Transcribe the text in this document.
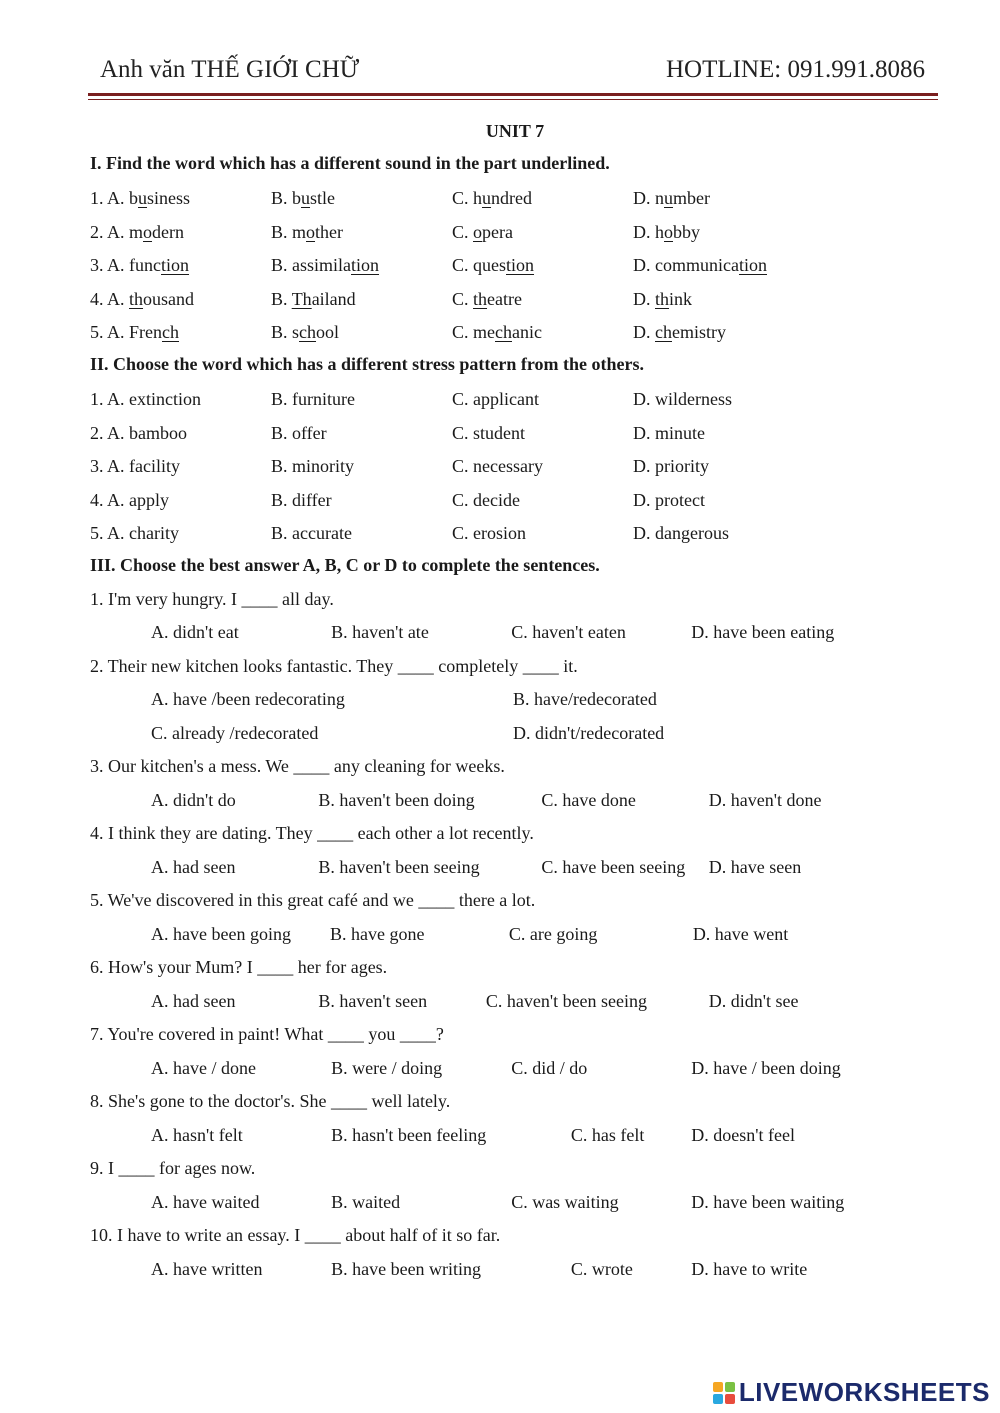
Anh văn THẾ GIỚI CHỮ	HOTLINE: 091.991.8086
UNIT 7
I. Find the word which has a different sound in the part underlined.
1. A. business	B. bustle	C. hundred	D. number
2. A. modern	B. mother	C. opera	D. hobby
3. A. function	B. assimilation	C. question	D. communication
4. A. thousand	B. Thailand	C. theatre	D. think
5. A. French	B. school	C. mechanic	D. chemistry
II. Choose the word which has a different stress pattern from the others.
1. A. extinction	B. furniture	C. applicant	D. wilderness
2. A. bamboo	B. offer	C. student	D. minute
3. A. facility	B. minority	C. necessary	D. priority
4. A. apply	B. differ	C. decide	D. protect
5. A. charity	B. accurate	C. erosion	D. dangerous
III. Choose the best answer A, B, C or D to complete the sentences.
1. I'm very hungry. I ____ all day.
A. didn't eat	B. haven't ate	C. haven't eaten	D. have been eating
2. Their new kitchen looks fantastic. They ____ completely ____ it.
A. have /been redecorating	B. have/redecorated
C. already /redecorated	D. didn't/redecorated
3. Our kitchen's a mess. We ____ any cleaning for weeks.
A. didn't do	B. haven't been doing	C. have done	D. haven't done
4. I think they are dating. They ____ each other a lot recently.
A. had seen	B. haven't been seeing	C. have been seeing	D. have seen
5. We've discovered in this great café and we ____ there a lot.
A. have been going	B. have gone	C. are going	D. have went
6. How's your Mum? I ____ her for ages.
A. had seen	B. haven't seen	C. haven't been seeing	D. didn't see
7. You're covered in paint! What ____ you ____?
A. have / done	B. were / doing	C. did / do	D. have / been doing
8. She's gone to the doctor's. She ____ well lately.
A. hasn't felt	B. hasn't been feeling	C. has felt	D. doesn't feel
9. I ____ for ages now.
A. have waited	B. waited	C. was waiting	D. have been waiting
10. I have to write an essay. I ____ about half of it so far.
A. have written	B. have been writing	C. wrote	D. have to write
LIVEWORKSHEETS
